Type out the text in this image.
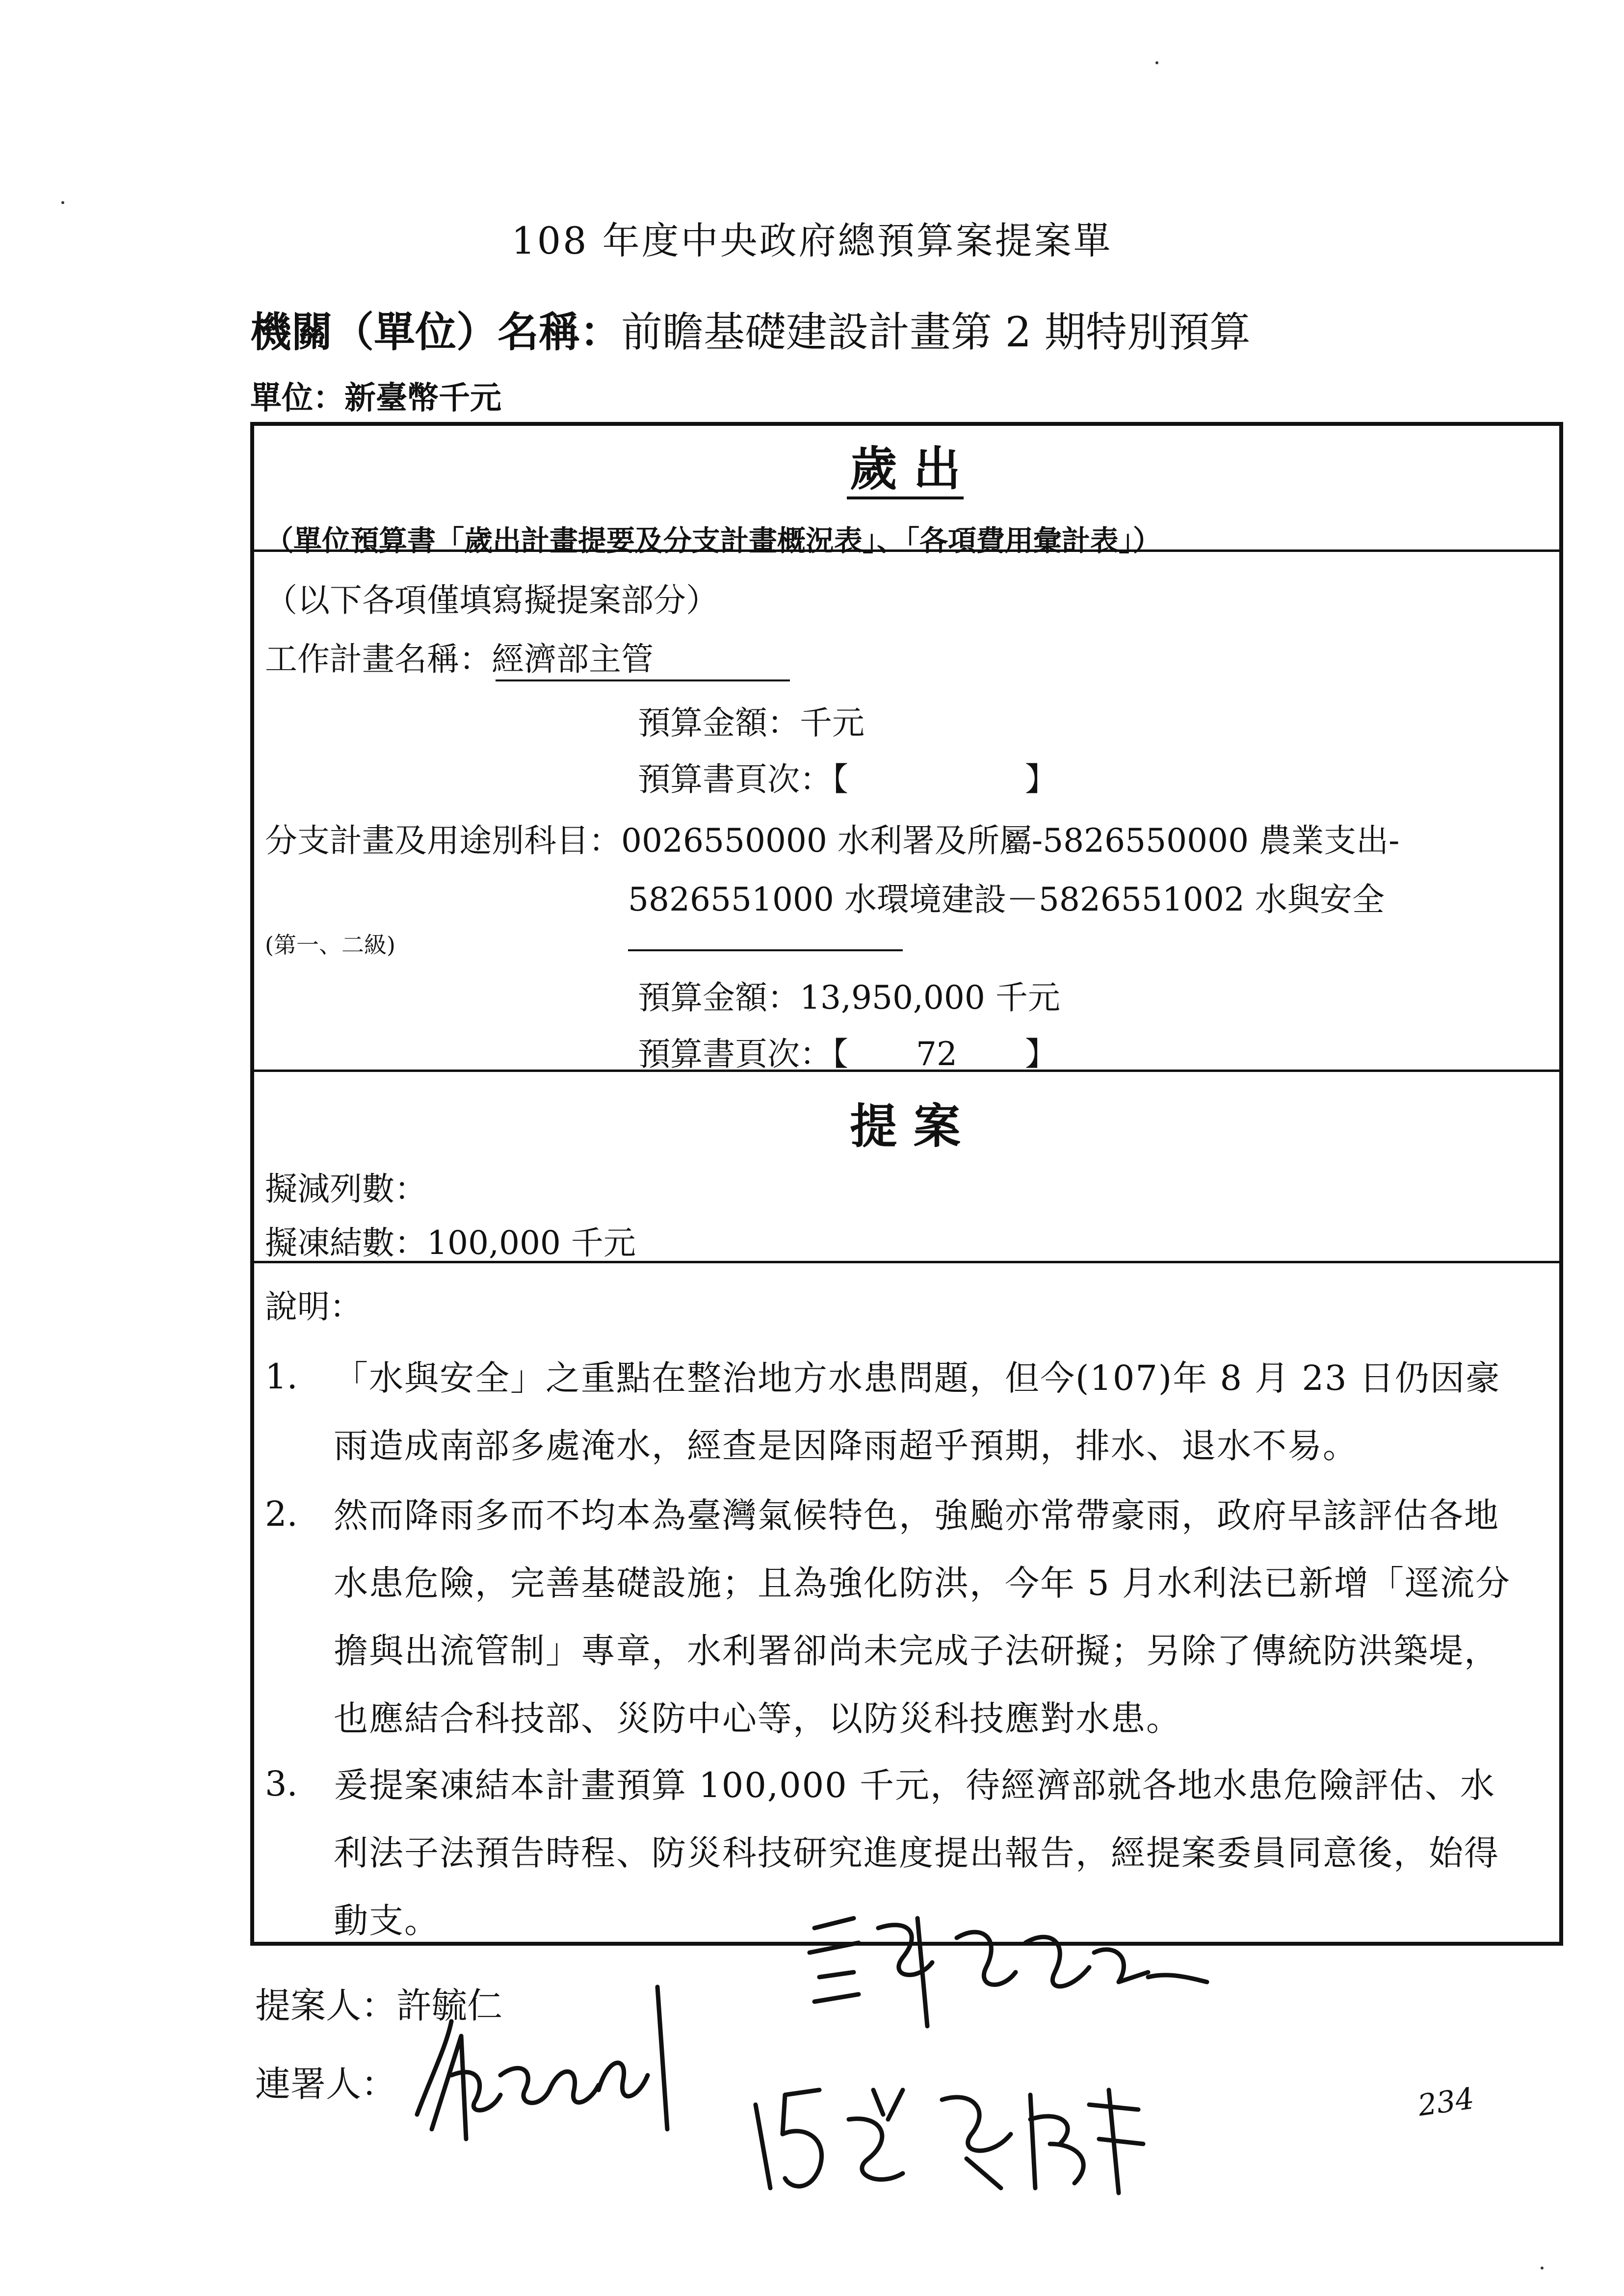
108 年度中央政府總預算案提案單
機關（單位）名稱：前瞻基礎建設計畫第 2 期特別預算
單位：新臺幣千元
歲 出
（單位預算書「歲出計畫提要及分支計畫概況表」、「各項費用彙計表」）
（以下各項僅填寫擬提案部分）
工作計畫名稱：經濟部主管
預算金額：千元
預算書頁次：【	】
分支計畫及用途別科目：0026550000 水利署及所屬-5826550000 農業支出-
5826551000 水環境建設－5826551002 水與安全
(第一、二級)
預算金額：13,950,000 千元
預算書頁次：【 72 】
提 案
擬減列數：
擬凍結數：100,000 千元
說明：
1. 「水與安全」之重點在整治地方水患問題，但今(107)年 8 月 23 日仍因豪雨造成南部多處淹水，經查是因降雨超乎預期，排水、退水不易。
2. 然而降雨多而不均本為臺灣氣候特色，強颱亦常帶豪雨，政府早該評估各地水患危險，完善基礎設施；且為強化防洪，今年 5 月水利法已新增「逕流分擔與出流管制」專章，水利署卻尚未完成子法研擬；另除了傳統防洪築堤，也應結合科技部、災防中心等，以防災科技應對水患。
3. 爰提案凍結本計畫預算 100,000 千元，待經濟部就各地水患危險評估、水利法子法預告時程、防災科技研究進度提出報告，經提案委員同意後，始得動支。
提案人：許毓仁
連署人：	234
